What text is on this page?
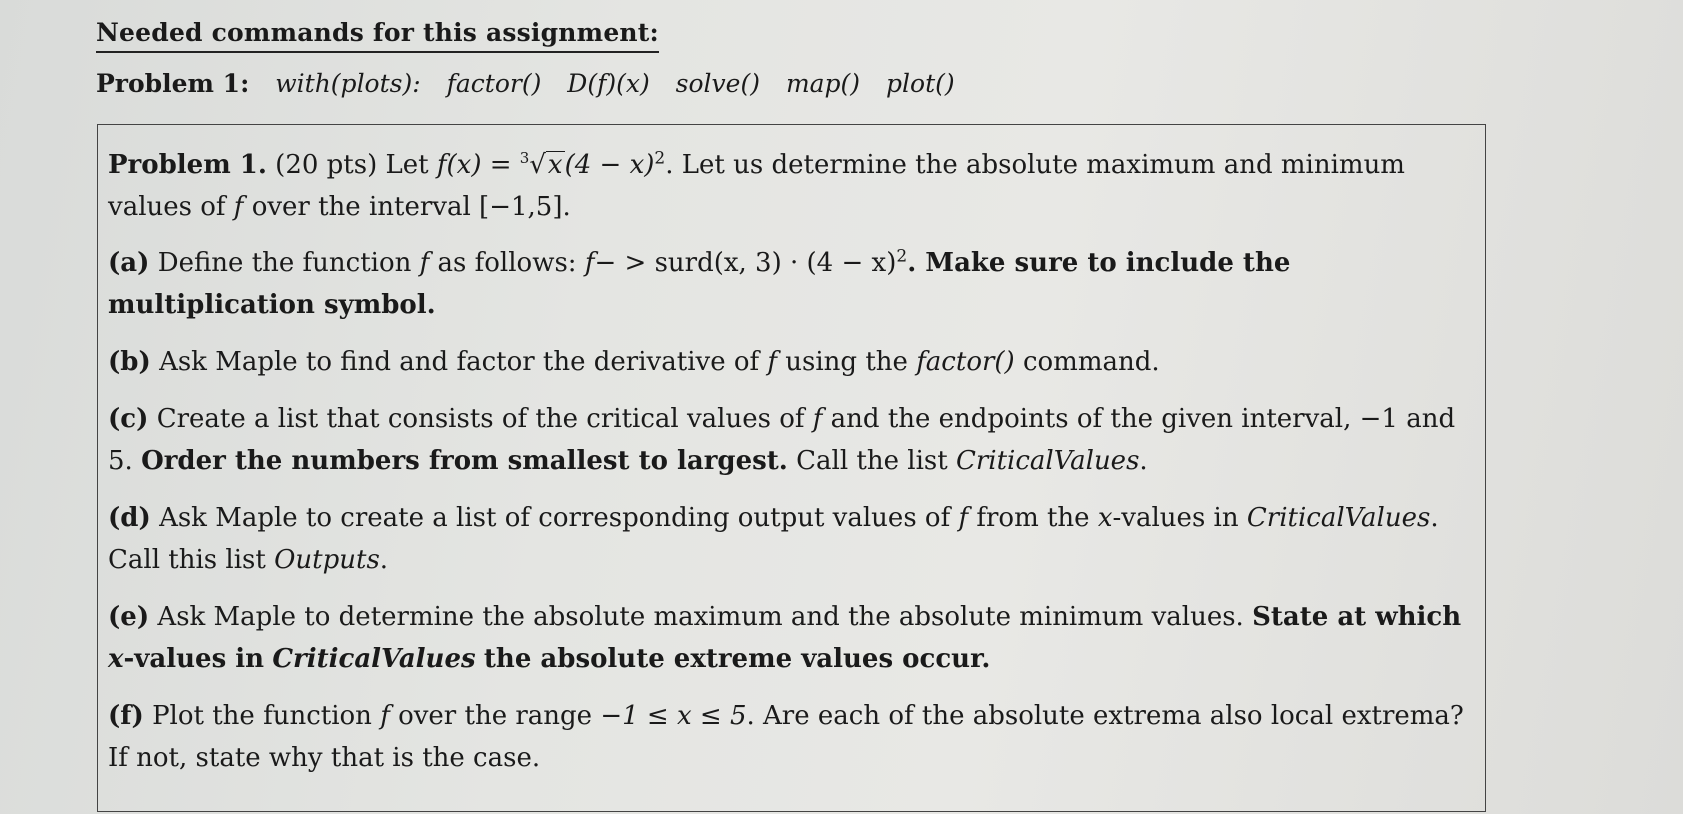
Needed commands for this assignment:
Problem 1: with(plots): factor() D(f)(x) solve() map() plot()

Problem 1. (20 pts) Let $f(x) = ^3√x(4 - x)^2$. Let us determine the absolute maximum and minimum values of f over the interval [−1,5].

(a) Define the function f as follows: f− > surd(x, $3) \cdot (4 - x)^2$. Make sure to include the multiplication symbol.

(b) Ask Maple to find and factor the derivative of f using the factor() command.

(c) Create a list that consists of the critical values of f and the endpoints of the given interval, −1 and 5. Order the numbers from smallest to largest. Call the list CriticalValues.

(d) Ask Maple to create a list of corresponding output values of f from the x-values in CriticalValues. Call this list Outputs.

(e) Ask Maple to determine the absolute maximum and the absolute minimum values. State at which x-values in CriticalValues the absolute extreme values occur.

(f) Plot the function f over the range −1 ≤ x ≤ 5. Are each of the absolute extrema also local extrema? If not, state why that is the case.
